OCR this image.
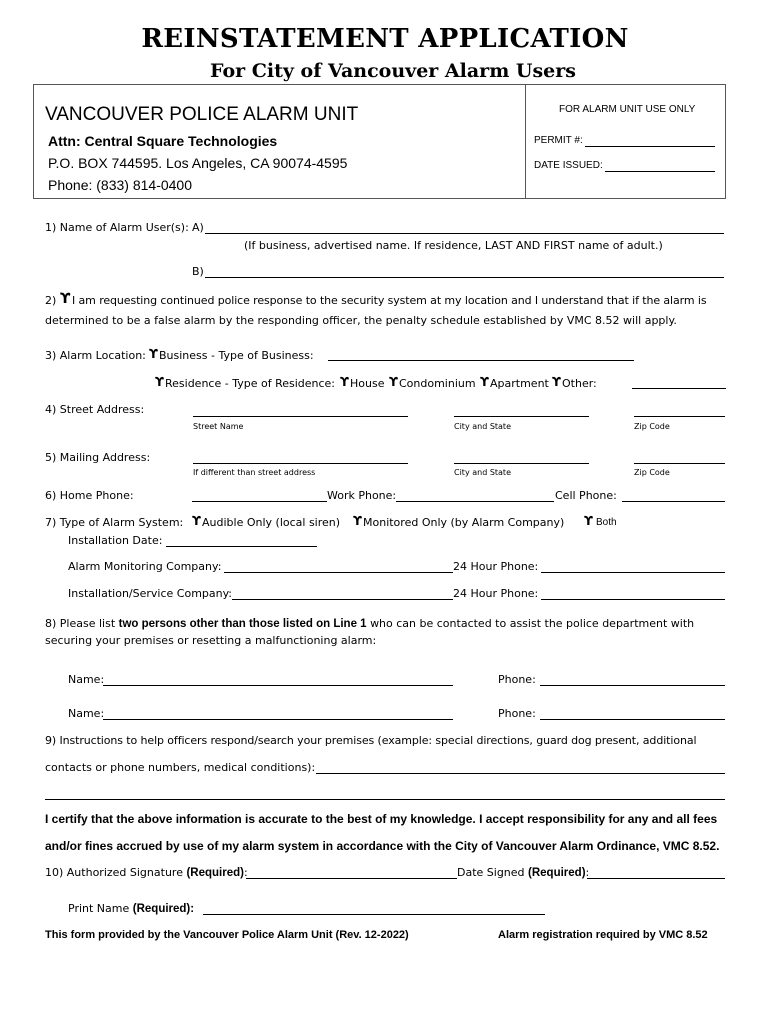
REINSTATEMENT APPLICATION
For City of Vancouver Alarm Users
VANCOUVER POLICE ALARM UNIT
Attn: Central Square Technologies
P.O. BOX 744595. Los Angeles, CA 90074-4595
Phone: (833) 814-0400
FOR ALARM UNIT USE ONLY
PERMIT #:
DATE ISSUED:
1) Name of Alarm User(s): A)
(If business, advertised name. If residence, LAST AND FIRST name of adult.)
B)
2) ϒ I am requesting continued police response to the security system at my location and I understand that if the alarm is
determined to be a false alarm by the responding officer, the penalty schedule established by VMC 8.52 will apply.
3) Alarm Location: ϒ Business - Type of Business:
ϒ Residence - Type of Residence: ϒ House ϒ Condominium ϒ Apartment ϒ Other:
4) Street Address:
Street Name	City and State	Zip Code
5) Mailing Address:
If different than street address	City and State	Zip Code
6) Home Phone:	Work Phone:	Cell Phone:
7) Type of Alarm System: ϒ Audible Only (local siren) ϒ Monitored Only (by Alarm Company) ϒ Both
Installation Date:
Alarm Monitoring Company:	24 Hour Phone:
Installation/Service Company:	24 Hour Phone:
8) Please list two persons other than those listed on Line 1 who can be contacted to assist the police department with
securing your premises or resetting a malfunctioning alarm:
Name:	Phone:
Name:	Phone:
9) Instructions to help officers respond/search your premises (example: special directions, guard dog present, additional
contacts or phone numbers, medical conditions):
I certify that the above information is accurate to the best of my knowledge. I accept responsibility for any and all fees
and/or fines accrued by use of my alarm system in accordance with the City of Vancouver Alarm Ordinance, VMC 8.52.
10) Authorized Signature (Required):	Date Signed (Required):
Print Name (Required):
This form provided by the Vancouver Police Alarm Unit (Rev. 12-2022)	Alarm registration required by VMC 8.52
